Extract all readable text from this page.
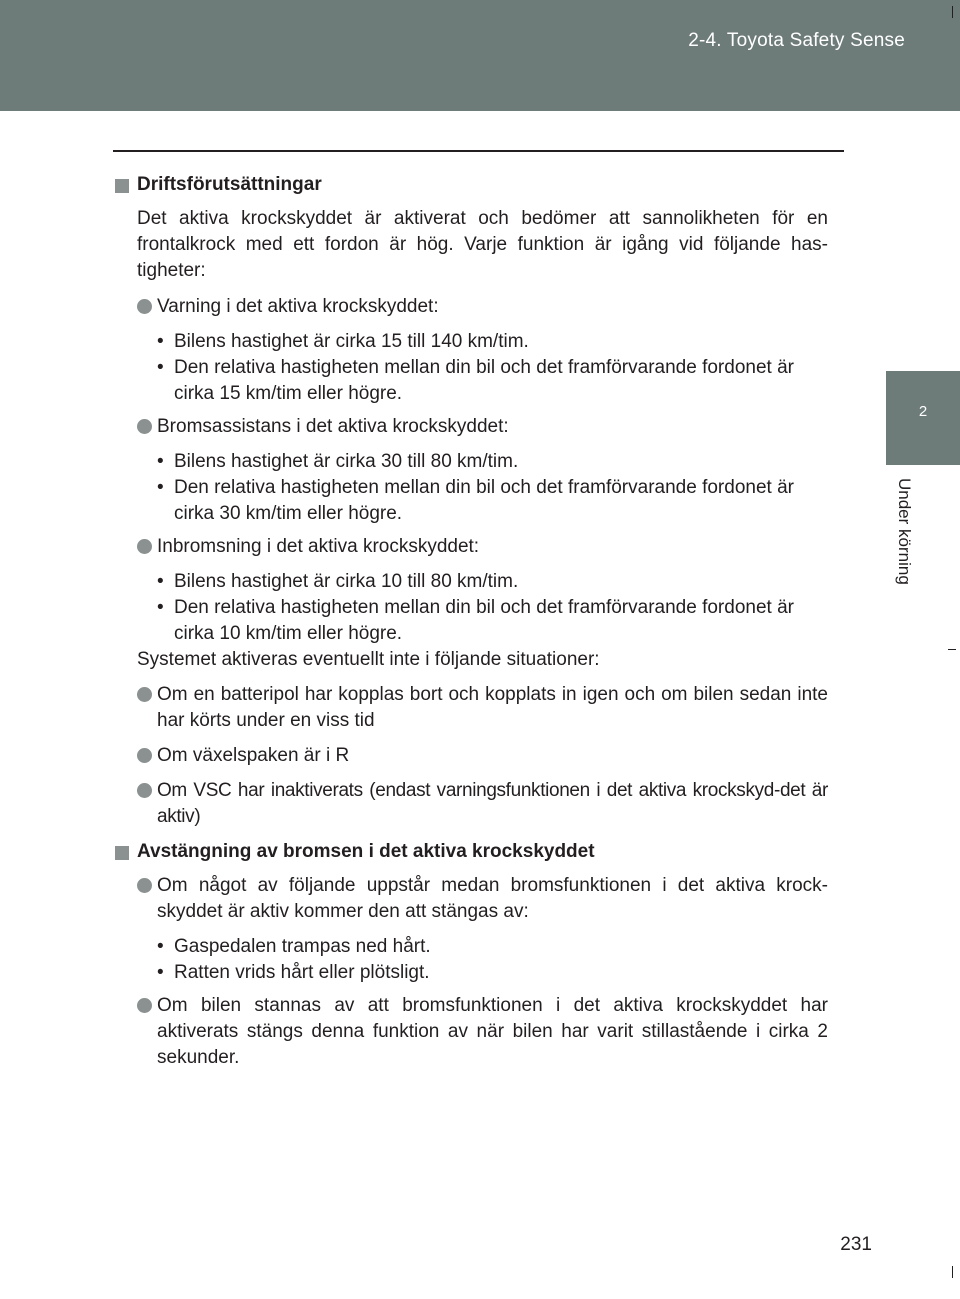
2-4. Toyota Safety Sense
2
Under körning
Driftsförutsättningar
Det aktiva krockskyddet är aktiverat och bedömer att sannolikheten för en frontalkrock med ett fordon är hög. Varje funktion är igång vid följande has-tigheter:
Varning i det aktiva krockskyddet:
• Bilens hastighet är cirka 15 till 140 km/tim.
• Den relativa hastigheten mellan din bil och det framförvarande fordonet är cirka 15 km/tim eller högre.
Bromsassistans i det aktiva krockskyddet:
• Bilens hastighet är cirka 30 till 80 km/tim.
• Den relativa hastigheten mellan din bil och det framförvarande fordonet är cirka 30 km/tim eller högre.
Inbromsning i det aktiva krockskyddet:
• Bilens hastighet är cirka 10 till 80 km/tim.
• Den relativa hastigheten mellan din bil och det framförvarande fordonet är cirka 10 km/tim eller högre.
Systemet aktiveras eventuellt inte i följande situationer:
Om en batteripol har kopplas bort och kopplats in igen och om bilen sedan inte har körts under en viss tid
Om växelspaken är i R
Om VSC har inaktiverats (endast varningsfunktionen i det aktiva krockskyd-det är aktiv)
Avstängning av bromsen i det aktiva krockskyddet
Om något av följande uppstår medan bromsfunktionen i det aktiva krock-skyddet är aktiv kommer den att stängas av:
• Gaspedalen trampas ned hårt.
• Ratten vrids hårt eller plötsligt.
Om bilen stannas av att bromsfunktionen i det aktiva krockskyddet har aktiverats stängs denna funktion av när bilen har varit stillastående i cirka 2 sekunder.
231
